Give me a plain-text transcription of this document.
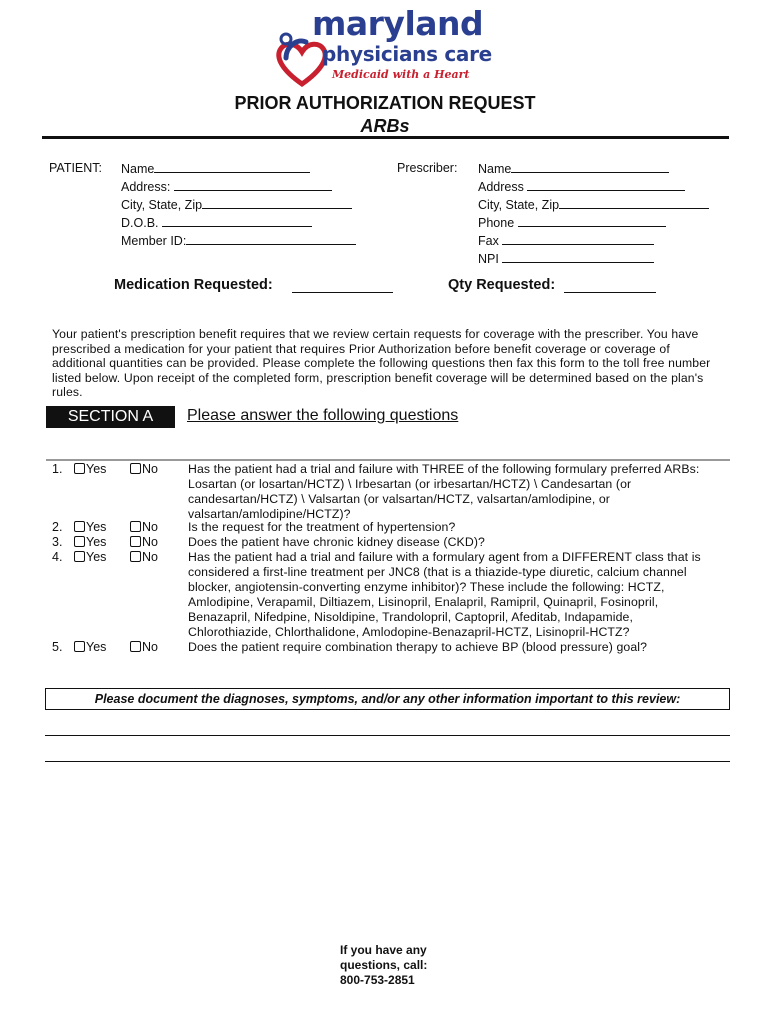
maryland
physicians care
Medicaid with a Heart
PRIOR AUTHORIZATION REQUEST
ARBs
PATIENT: Name
Address:
City, State, Zip
D.O.B.
Member ID:
Prescriber: Name
Address
City, State, Zip
Phone
Fax
NPI
Medication Requested:	Qty Requested:
Your patient's prescription benefit requires that we review certain requests for coverage with the prescriber. You have
prescribed a medication for your patient that requires Prior Authorization before benefit coverage or coverage of
additional quantities can be provided. Please complete the following questions then fax this form to the toll free number
listed below. Upon receipt of the completed form, prescription benefit coverage will be determined based on the plan's
rules.
SECTION A	Please answer the following questions
1.	Yes	No Has the patient had a trial and failure with THREE of the following formulary preferred ARBs:
Losartan (or losartan/HCTZ) \ Irbesartan (or irbesartan/HCTZ) \ Candesartan (or
candesartan/HCTZ) \ Valsartan (or valsartan/HCTZ, valsartan/amlodipine, or
valsartan/amlodipine/HCTZ)?
2.	Yes	No Is the request for the treatment of hypertension?
3.	Yes	No Does the patient have chronic kidney disease (CKD)?
4.	Yes	No Has the patient had a trial and failure with a formulary agent from a DIFFERENT class that is
considered a first-line treatment per JNC8 (that is a thiazide-type diuretic, calcium channel
blocker, angiotensin-converting enzyme inhibitor)? These include the following: HCTZ,
Amlodipine, Verapamil, Diltiazem, Lisinopril, Enalapril, Ramipril, Quinapril, Fosinopril,
Benazapril, Nifedpine, Nisoldipine, Trandolopril, Captopril, Afeditab, Indapamide,
Chlorothiazide, Chlorthalidone, Amlodopine-Benazapril-HCTZ, Lisinopril-HCTZ?
5.	Yes	No Does the patient require combination therapy to achieve BP (blood pressure) goal?
Please document the diagnoses, symptoms, and/or any other information important to this review:
If you have any
questions, call:
800-753-2851
